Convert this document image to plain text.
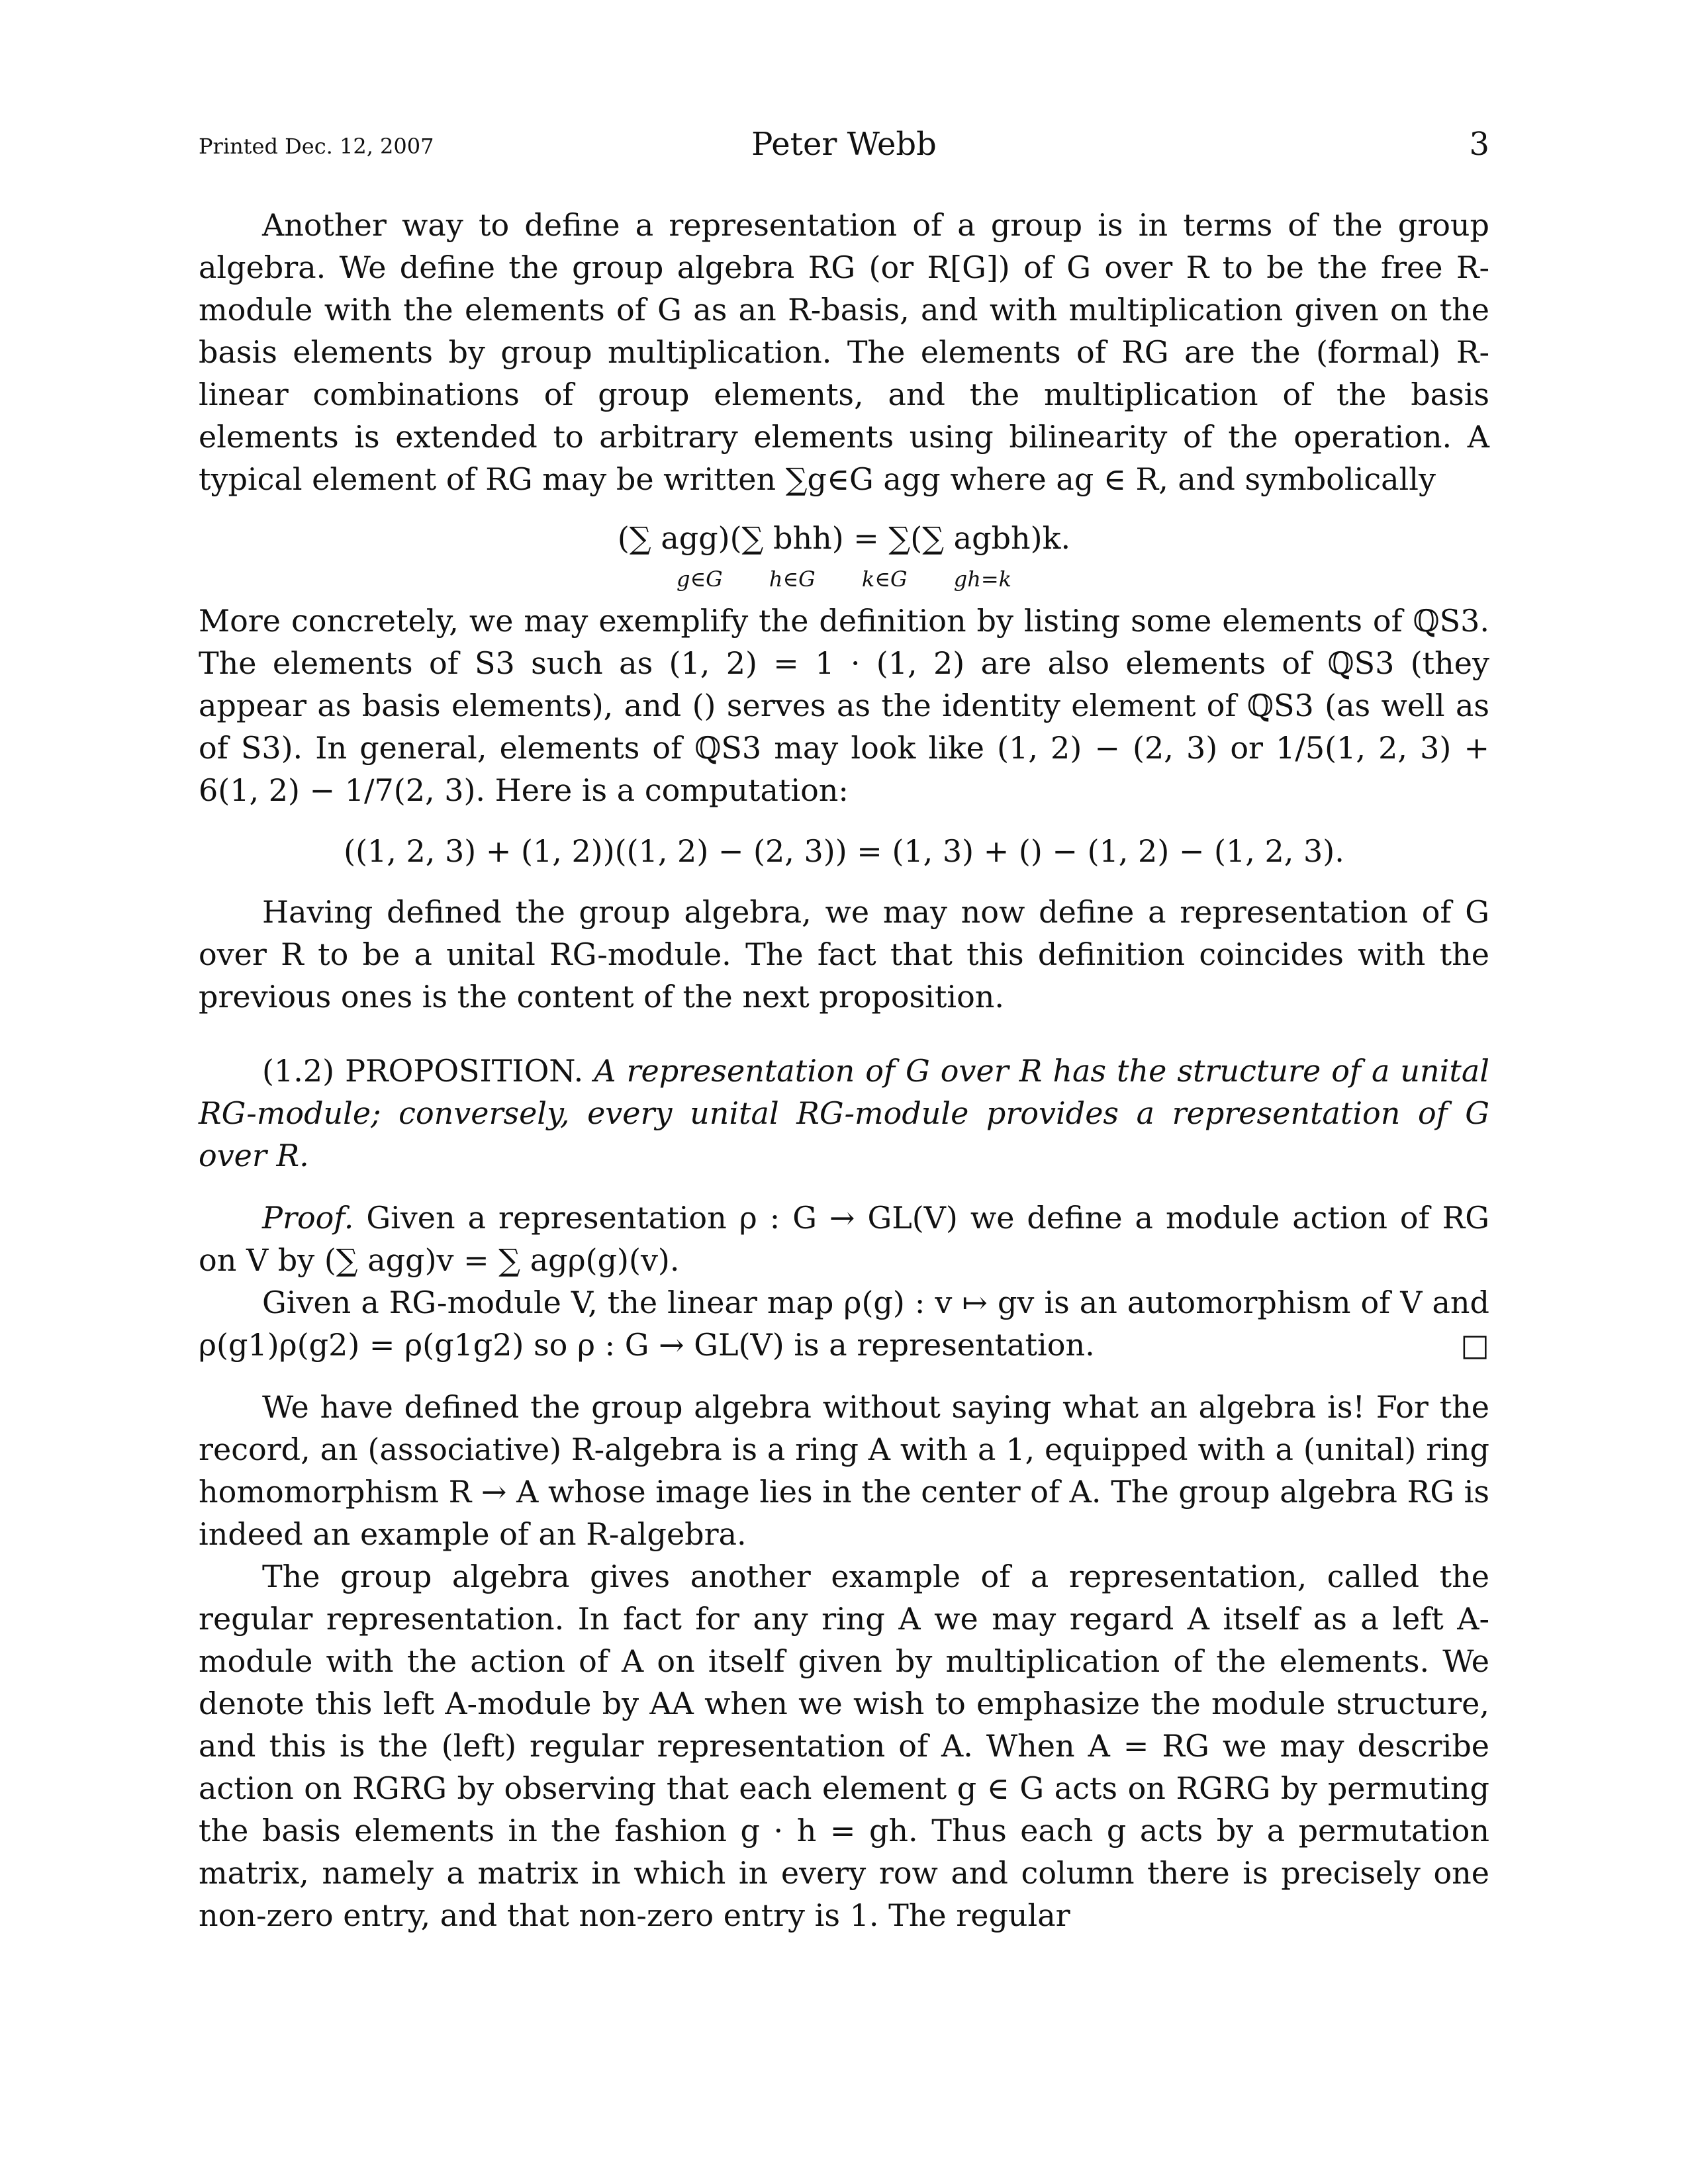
Printed Dec. 12, 2007	Peter Webb	3

Another way to define a representation of a group is in terms of the group algebra. We define the group algebra RG (or R[G]) of G over R to be the free R-module with the elements of G as an R-basis, and with multiplication given on the basis elements by group multiplication. The elements of RG are the (formal) R-linear combinations of group elements, and the multiplication of the basis elements is extended to arbitrary elements using bilinearity of the operation. A typical element of RG may be written ∑g∈G agg where ag ∈ R, and symbolically

(∑ agg)(∑ bhh) = ∑(∑ agbh)k.
g∈G h∈G k∈G gh=k

More concretely, we may exemplify the definition by listing some elements of ℚS3. The elements of S3 such as (1, 2) = 1 · (1, 2) are also elements of ℚS3 (they appear as basis elements), and () serves as the identity element of ℚS3 (as well as of S3). In general, elements of ℚS3 may look like (1, 2) − (2, 3) or 1/5(1, 2, 3) + 6(1, 2) − 1/7(2, 3). Here is a computation:

((1, 2, 3) + (1, 2))((1, 2) − (2, 3)) = (1, 3) + () − (1, 2) − (1, 2, 3).

Having defined the group algebra, we may now define a representation of G over R to be a unital RG-module. The fact that this definition coincides with the previous ones is the content of the next proposition.

(1.2) PROPOSITION. A representation of G over R has the structure of a unital RG-module; conversely, every unital RG-module provides a representation of G over R.

Proof. Given a representation ρ : G → GL(V) we define a module action of RG on V by (∑ agg)v = ∑ agρ(g)(v).

Given a RG-module V, the linear map ρ(g) : v ↦ gv is an automorphism of V and ρ(g1)ρ(g2) = ρ(g1g2) so ρ : G → GL(V) is a representation.	□

We have defined the group algebra without saying what an algebra is! For the record, an (associative) R-algebra is a ring A with a 1, equipped with a (unital) ring homomorphism R → A whose image lies in the center of A. The group algebra RG is indeed an example of an R-algebra.

The group algebra gives another example of a representation, called the regular representation. In fact for any ring A we may regard A itself as a left A-module with the action of A on itself given by multiplication of the elements. We denote this left A-module by AA when we wish to emphasize the module structure, and this is the (left) regular representation of A. When A = RG we may describe action on RGRG by observing that each element g ∈ G acts on RGRG by permuting the basis elements in the fashion g · h = gh. Thus each g acts by a permutation matrix, namely a matrix in which in every row and column there is precisely one non-zero entry, and that non-zero entry is 1. The regular
